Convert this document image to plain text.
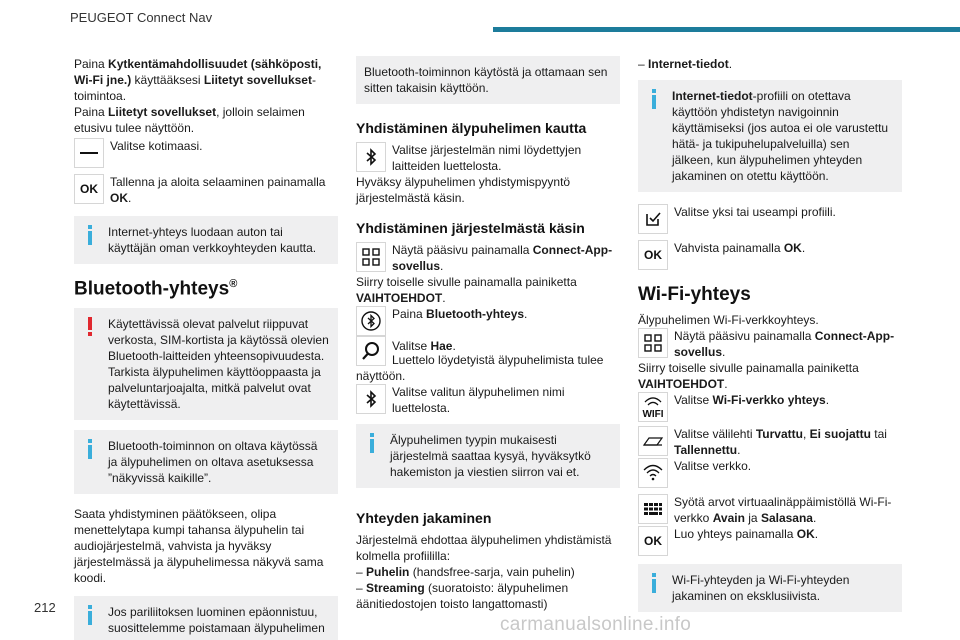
PEUGEOT Connect Nav
Paina Kytkentämahdollisuudet (sähköposti, Wi-Fi jne.) käyttääksesi Liitetyt sovellukset-toimintoa.
Paina Liitetyt sovellukset, jolloin selaimen etusivu tulee näyttöön.
Valitse kotimaasi.
OK Tallenna ja aloita selaaminen painamalla OK.
Internet-yhteys luodaan auton tai käyttäjän oman verkkoyhteyden kautta.
Bluetooth-yhteys®
Käytettävissä olevat palvelut riippuvat verkosta, SIM-kortista ja käytössä olevien Bluetooth-laitteiden yhteensopivuudesta. Tarkista älypuhelimen käyttöoppaasta ja palveluntarjoajalta, mitkä palvelut ovat käytettävissä.
Bluetooth-toiminnon on oltava käytössä ja älypuhelimen on oltava asetuksessa ”näkyvissä kaikille”.
Saata yhdistyminen päätökseen, olipa menettelytapa kumpi tahansa älypuhelin tai audiojärjestelmä, vahvista ja hyväksy järjestelmässä ja älypuhelimessa näkyvä sama koodi.
Jos pariliitoksen luominen epäonnistuu, suosittelemme poistamaan älypuhelimen
Bluetooth-toiminnon käytöstä ja ottamaan sen sitten takaisin käyttöön.
Yhdistäminen älypuhelimen kautta
Valitse järjestelmän nimi löydettyjen laitteiden luettelosta.
Hyväksy älypuhelimen yhdistymispyyntö järjestelmästä käsin.
Yhdistäminen järjestelmästä käsin
Näytä pääsivu painamalla Connect-App-sovellus.
Siirry toiselle sivulle painamalla painiketta VAIHTOEHDOT.
Paina Bluetooth-yhteys.
Valitse Hae.
Luettelo löydetyistä älypuhelimista tulee näyttöön.
Valitse valitun älypuhelimen nimi luettelosta.
Älypuhelimen tyypin mukaisesti järjestelmä saattaa kysyä, hyväksytkö hakemiston ja viestien siirron vai et.
Yhteyden jakaminen
Järjestelmä ehdottaa älypuhelimen yhdistämistä kolmella profiililla:
– Puhelin (handsfree-sarja, vain puhelin)
– Streaming (suoratoisto: älypuhelimen äänitiedostojen toisto langattomasti)
– Internet-tiedot.
Internet-tiedot-profiili on otettava käyttöön yhdistetyn navigoinnin käyttämiseksi (jos autoa ei ole varustettu hätä- ja tukipuhelupalveluilla) sen jälkeen, kun älypuhelimen yhteyden jakaminen on otettu käyttöön.
Valitse yksi tai useampi profiili.
OK Vahvista painamalla OK.
Wi-Fi-yhteys
Älypuhelimen Wi-Fi-verkkoyhteys.
Näytä pääsivu painamalla Connect-App-sovellus.
Siirry toiselle sivulle painamalla painiketta VAIHTOEHDOT.
WIFI
Valitse Wi-Fi-verkko yhteys.
Valitse välilehti Turvattu, Ei suojattu tai Tallennettu.
Valitse verkko.
Syötä arvot virtuaalinäppäimistöllä Wi-Fi-verkko Avain ja Salasana.
OK Luo yhteys painamalla OK.
Wi-Fi-yhteyden ja Wi-Fi-yhteyden jakaminen on eksklusiivista.
212
carmanualsonline.info
